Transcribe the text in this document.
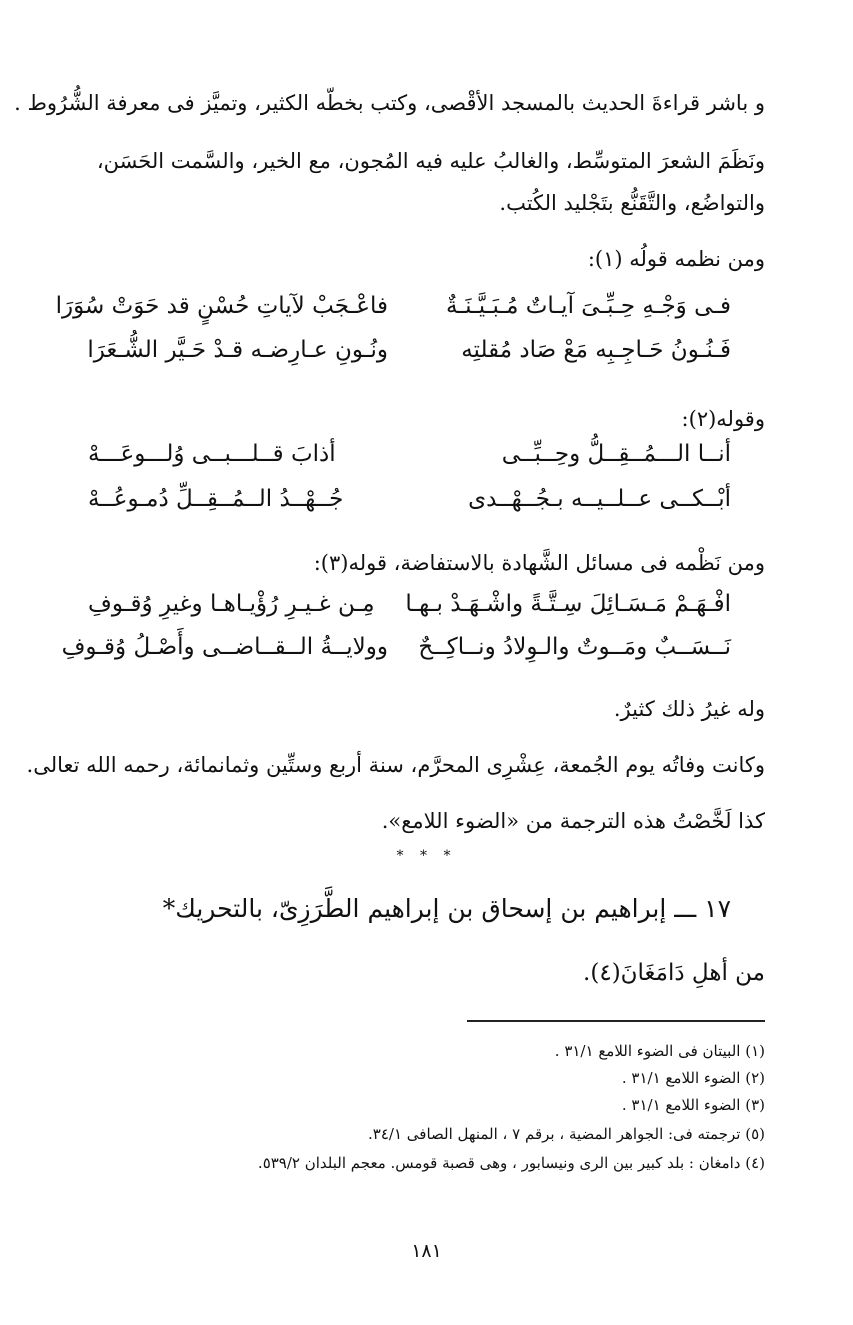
و باشر قراءةَ الحديث بالمسجد الأقْصى، وكتب بخطّه الكثير، وتميَّز فى معرفة الشُّرُوط .
ونَظَمَ الشعرَ المتوسِّط، والغالبُ عليه فيه المُجون، مع الخير، والسَّمت الحَسَن،
والتواضُع، والتَّقَنُّع بتَجْليد الكُتب.
ومن نظمه قولُه (١):
فـى وَجْـهِ حِـبِّـىَ آيـاتٌ مُـبَـيَّـنَـةٌ
فاعْـجَبْ لآياتِ حُسْنٍ قد حَوَتْ سُوَرَا
فَـنُـونُ حَـاجِـبِه مَعْ صَاد مُقلتِه
ونُـونِ عـارِضـه قـدْ حَـيَّر الشُّـعَرَا
وقوله(٢):
أنــا الـــمُــقِــلُّ وحِــبِّــى
أذابَ قــلـــبــى وُلـــوعَـــهْ
أبْــكــى عــلــيــه بـجُــهْــدى
جُــهْــدُ الــمُــقِــلِّ دُمـوعُــهْ
ومن نَظْمه فى مسائل الشَّهادة بالاستفاضة، قوله(٣):
افْـهَـمْ مَـسَـائِلَ سِـتَّـةً واشْـهَـدْ بـهـا
مِـن غـيـرِ رُؤْيـاهـا وغيرِ وُقـوفِ
نَــسَــبٌ ومَــوتٌ والـوِلادُ ونــاكِــحٌ
وولايــةُ الــقــاضــى وأَصْـلُ وُقـوفِ
وله غيرُ ذلك كثيرٌ.
وكانت وفاتُه يوم الجُمعة، عِشْرِى المحرَّم، سنة أربع وستِّين وثمانمائة، رحمه الله تعالى.
كذا لَخَّصْتُ هذه الترجمة من «الضوء اللامع».
* * *
١٧ ـــ إبراهيم بن إسحاق بن إبراهيم الطَّرَزِىّ، بالتحريك*
من أهلِ دَامَغَانَ(٤).
(١) البيتان فى الضوء اللامع ٣١/١ .
(٢) الضوء اللامع ٣١/١ .
(٣) الضوء اللامع ٣١/١ .
(٥) ترجمته فى: الجواهر المضية ، برقم ٧ ، المنهل الصافى ٣٤/١.
(٤) دامغان : بلد كبير بين الرى ونيسابور ، وهى قصبة قومس. معجم البلدان ٥٣٩/٢.
١٨١
